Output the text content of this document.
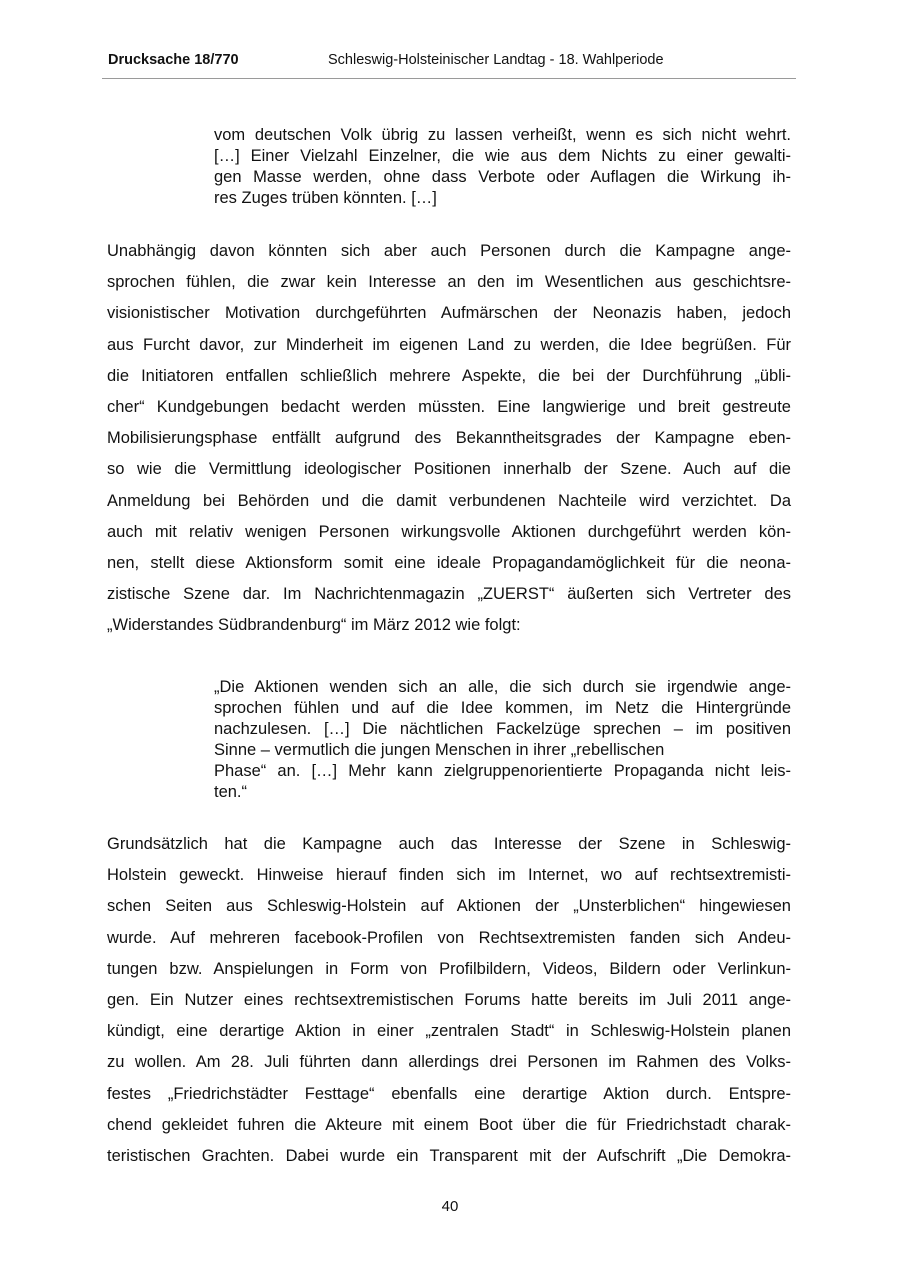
Drucksache 18/770	Schleswig-Holsteinischer Landtag - 18. Wahlperiode
vom deutschen Volk übrig zu lassen verheißt, wenn es sich nicht wehrt.
[…] Einer Vielzahl Einzelner, die wie aus dem Nichts zu einer gewalti-
gen Masse werden, ohne dass Verbote oder Auflagen die Wirkung ih-
res Zuges trüben könnten. […]
Unabhängig davon könnten sich aber auch Personen durch die Kampagne ange-
sprochen fühlen, die zwar kein Interesse an den im Wesentlichen aus geschichtsre-
visionistischer Motivation durchgeführten Aufmärschen der Neonazis haben, jedoch
aus Furcht davor, zur Minderheit im eigenen Land zu werden, die Idee begrüßen. Für
die Initiatoren entfallen schließlich mehrere Aspekte, die bei der Durchführung „übli-
cher“ Kundgebungen bedacht werden müssten. Eine langwierige und breit gestreute
Mobilisierungsphase entfällt aufgrund des Bekanntheitsgrades der Kampagne eben-
so wie die Vermittlung ideologischer Positionen innerhalb der Szene. Auch auf die
Anmeldung bei Behörden und die damit verbundenen Nachteile wird verzichtet. Da
auch mit relativ wenigen Personen wirkungsvolle Aktionen durchgeführt werden kön-
nen, stellt diese Aktionsform somit eine ideale Propagandamöglichkeit für die neona-
zistische Szene dar. Im Nachrichtenmagazin „ZUERST“ äußerten sich Vertreter des
„Widerstandes Südbrandenburg“ im März 2012 wie folgt:
„Die Aktionen wenden sich an alle, die sich durch sie irgendwie ange-
sprochen fühlen und auf die Idee kommen, im Netz die Hintergründe
nachzulesen. […] Die nächtlichen Fackelzüge sprechen – im positiven
Sinne – vermutlich die jungen Menschen in ihrer „rebellischen
Phase“ an. […] Mehr kann zielgruppenorientierte Propaganda nicht leis-
ten.“
Grundsätzlich hat die Kampagne auch das Interesse der Szene in Schleswig-
Holstein geweckt. Hinweise hierauf finden sich im Internet, wo auf rechtsextremisti-
schen Seiten aus Schleswig-Holstein auf Aktionen der „Unsterblichen“ hingewiesen
wurde. Auf mehreren facebook-Profilen von Rechtsextremisten fanden sich Andeu-
tungen bzw. Anspielungen in Form von Profilbildern, Videos, Bildern oder Verlinkun-
gen. Ein Nutzer eines rechtsextremistischen Forums hatte bereits im Juli 2011 ange-
kündigt, eine derartige Aktion in einer „zentralen Stadt“ in Schleswig-Holstein planen
zu wollen. Am 28. Juli führten dann allerdings drei Personen im Rahmen des Volks-
festes „Friedrichstädter Festtage“ ebenfalls eine derartige Aktion durch. Entspre-
chend gekleidet fuhren die Akteure mit einem Boot über die für Friedrichstadt charak-
teristischen Grachten. Dabei wurde ein Transparent mit der Aufschrift „Die Demokra-
40
